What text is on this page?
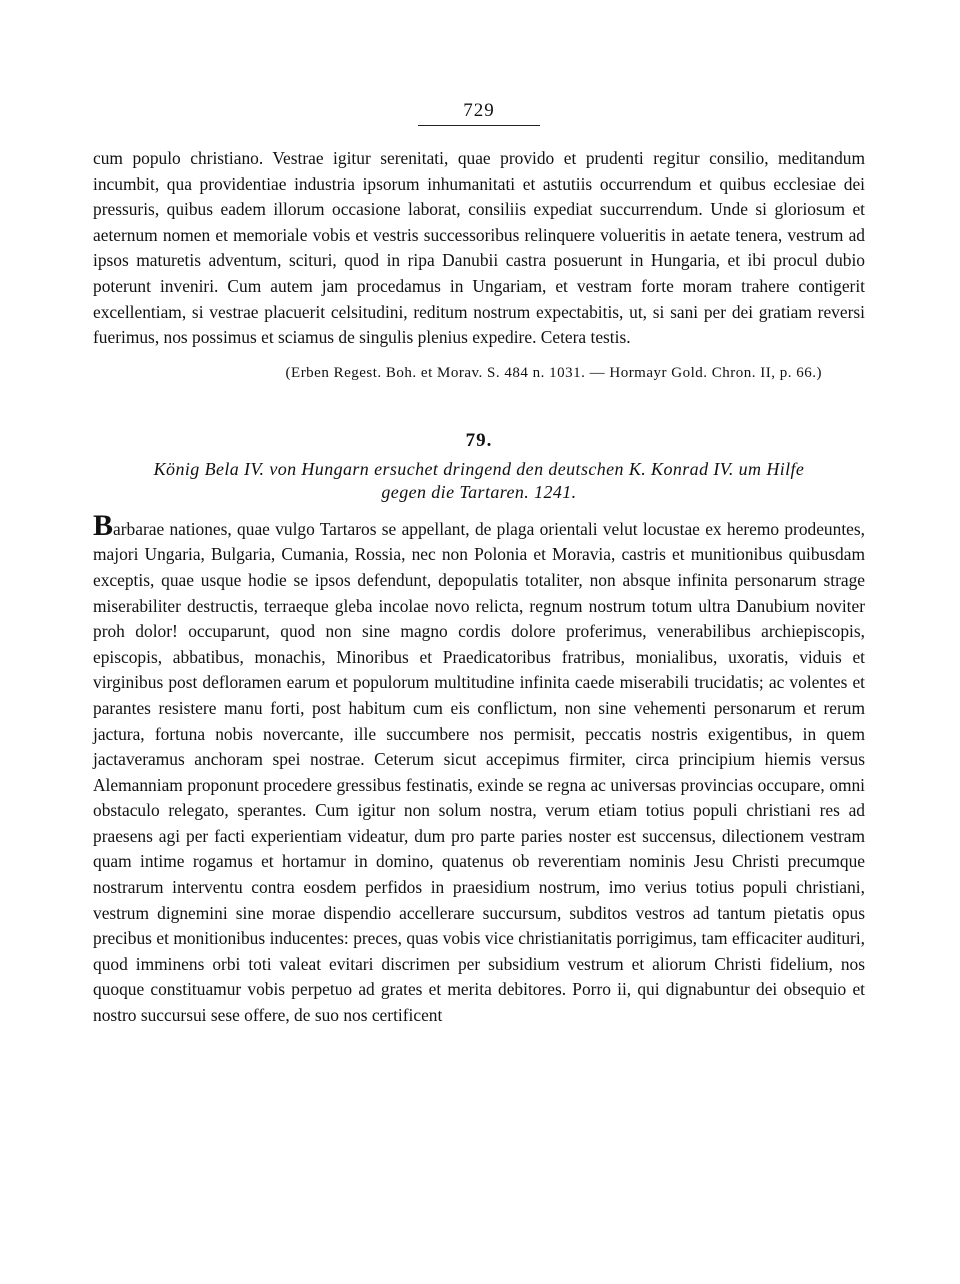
729

cum populo christiano. Vestrae igitur serenitati, quae provido et prudenti regitur consilio, meditandum incumbit, qua providentiae industria ipsorum inhumanitati et astutiis occurrendum et quibus ecclesiae dei pressuris, quibus eadem illorum occasione laborat, consiliis expediat succurrendum. Unde si gloriosum et aeternum nomen et memoriale vobis et vestris successoribus relinquere volueritis in aetate tenera, vestrum ad ipsos maturetis adventum, scituri, quod in ripa Danubii castra posuerunt in Hungaria, et ibi procul dubio poterunt inveniri. Cum autem jam procedamus in Ungariam, et vestram forte moram trahere contigerit excellentiam, si vestrae placuerit celsitudini, reditum nostrum expectabitis, ut, si sani per dei gratiam reversi fuerimus, nos possimus et sciamus de singulis plenius expedire. Cetera testis.

(Erben Regest. Boh. et Morav. S. 484 n. 1031. — Hormayr Gold. Chron. II, p. 66.)
79.
König Bela IV. von Hungarn ersuchet dringend den deutschen K. Konrad IV. um Hilfe
gegen die Tartaren. 1241.

Barbarae nationes, quae vulgo Tartaros se appellant, de plaga orientali velut locustae ex heremo prodeuntes, majori Ungaria, Bulgaria, Cumania, Rossia, nec non Polonia et Moravia, castris et munitionibus quibusdam exceptis, quae usque hodie se ipsos defendunt, depopulatis totaliter, non absque infinita personarum strage miserabiliter destructis, terraeque gleba incolae novo relicta, regnum nostrum totum ultra Danubium noviter proh dolor! occuparunt, quod non sine magno cordis dolore proferimus, venerabilibus archiepiscopis, episcopis, abbatibus, monachis, Minoribus et Praedicatoribus fratribus, monialibus, uxoratis, viduis et virginibus post defloramen earum et populorum multitudine infinita caede miserabili trucidatis; ac volentes et parantes resistere manu forti, post habitum cum eis conflictum, non sine vehementi personarum et rerum jactura, fortuna nobis novercante, ille succumbere nos permisit, peccatis nostris exigentibus, in quem jactaveramus anchoram spei nostrae. Ceterum sicut accepimus firmiter, circa principium hiemis versus Alemanniam proponunt procedere gressibus festinatis, exinde se regna ac universas provincias occupare, omni obstaculo relegato, sperantes. Cum igitur non solum nostra, verum etiam totius populi christiani res ad praesens agi per facti experientiam videatur, dum pro parte paries noster est succensus, dilectionem vestram quam intime rogamus et hortamur in domino, quatenus ob reverentiam nominis Jesu Christi precumque nostrarum interventu contra eosdem perfidos in praesidium nostrum, imo verius totius populi christiani, vestrum dignemini sine morae dispendio accellerare succursum, subditos vestros ad tantum pietatis opus precibus et monitionibus inducentes: preces, quas vobis vice christianitatis porrigimus, tam efficaciter audituri, quod imminens orbi toti valeat evitari discrimen per subsidium vestrum et aliorum Christi fidelium, nos quoque constituamur vobis perpetuo ad grates et merita debitores. Porro ii, qui dignabuntur dei obsequio et nostro succursui sese offere, de suo nos certificent
